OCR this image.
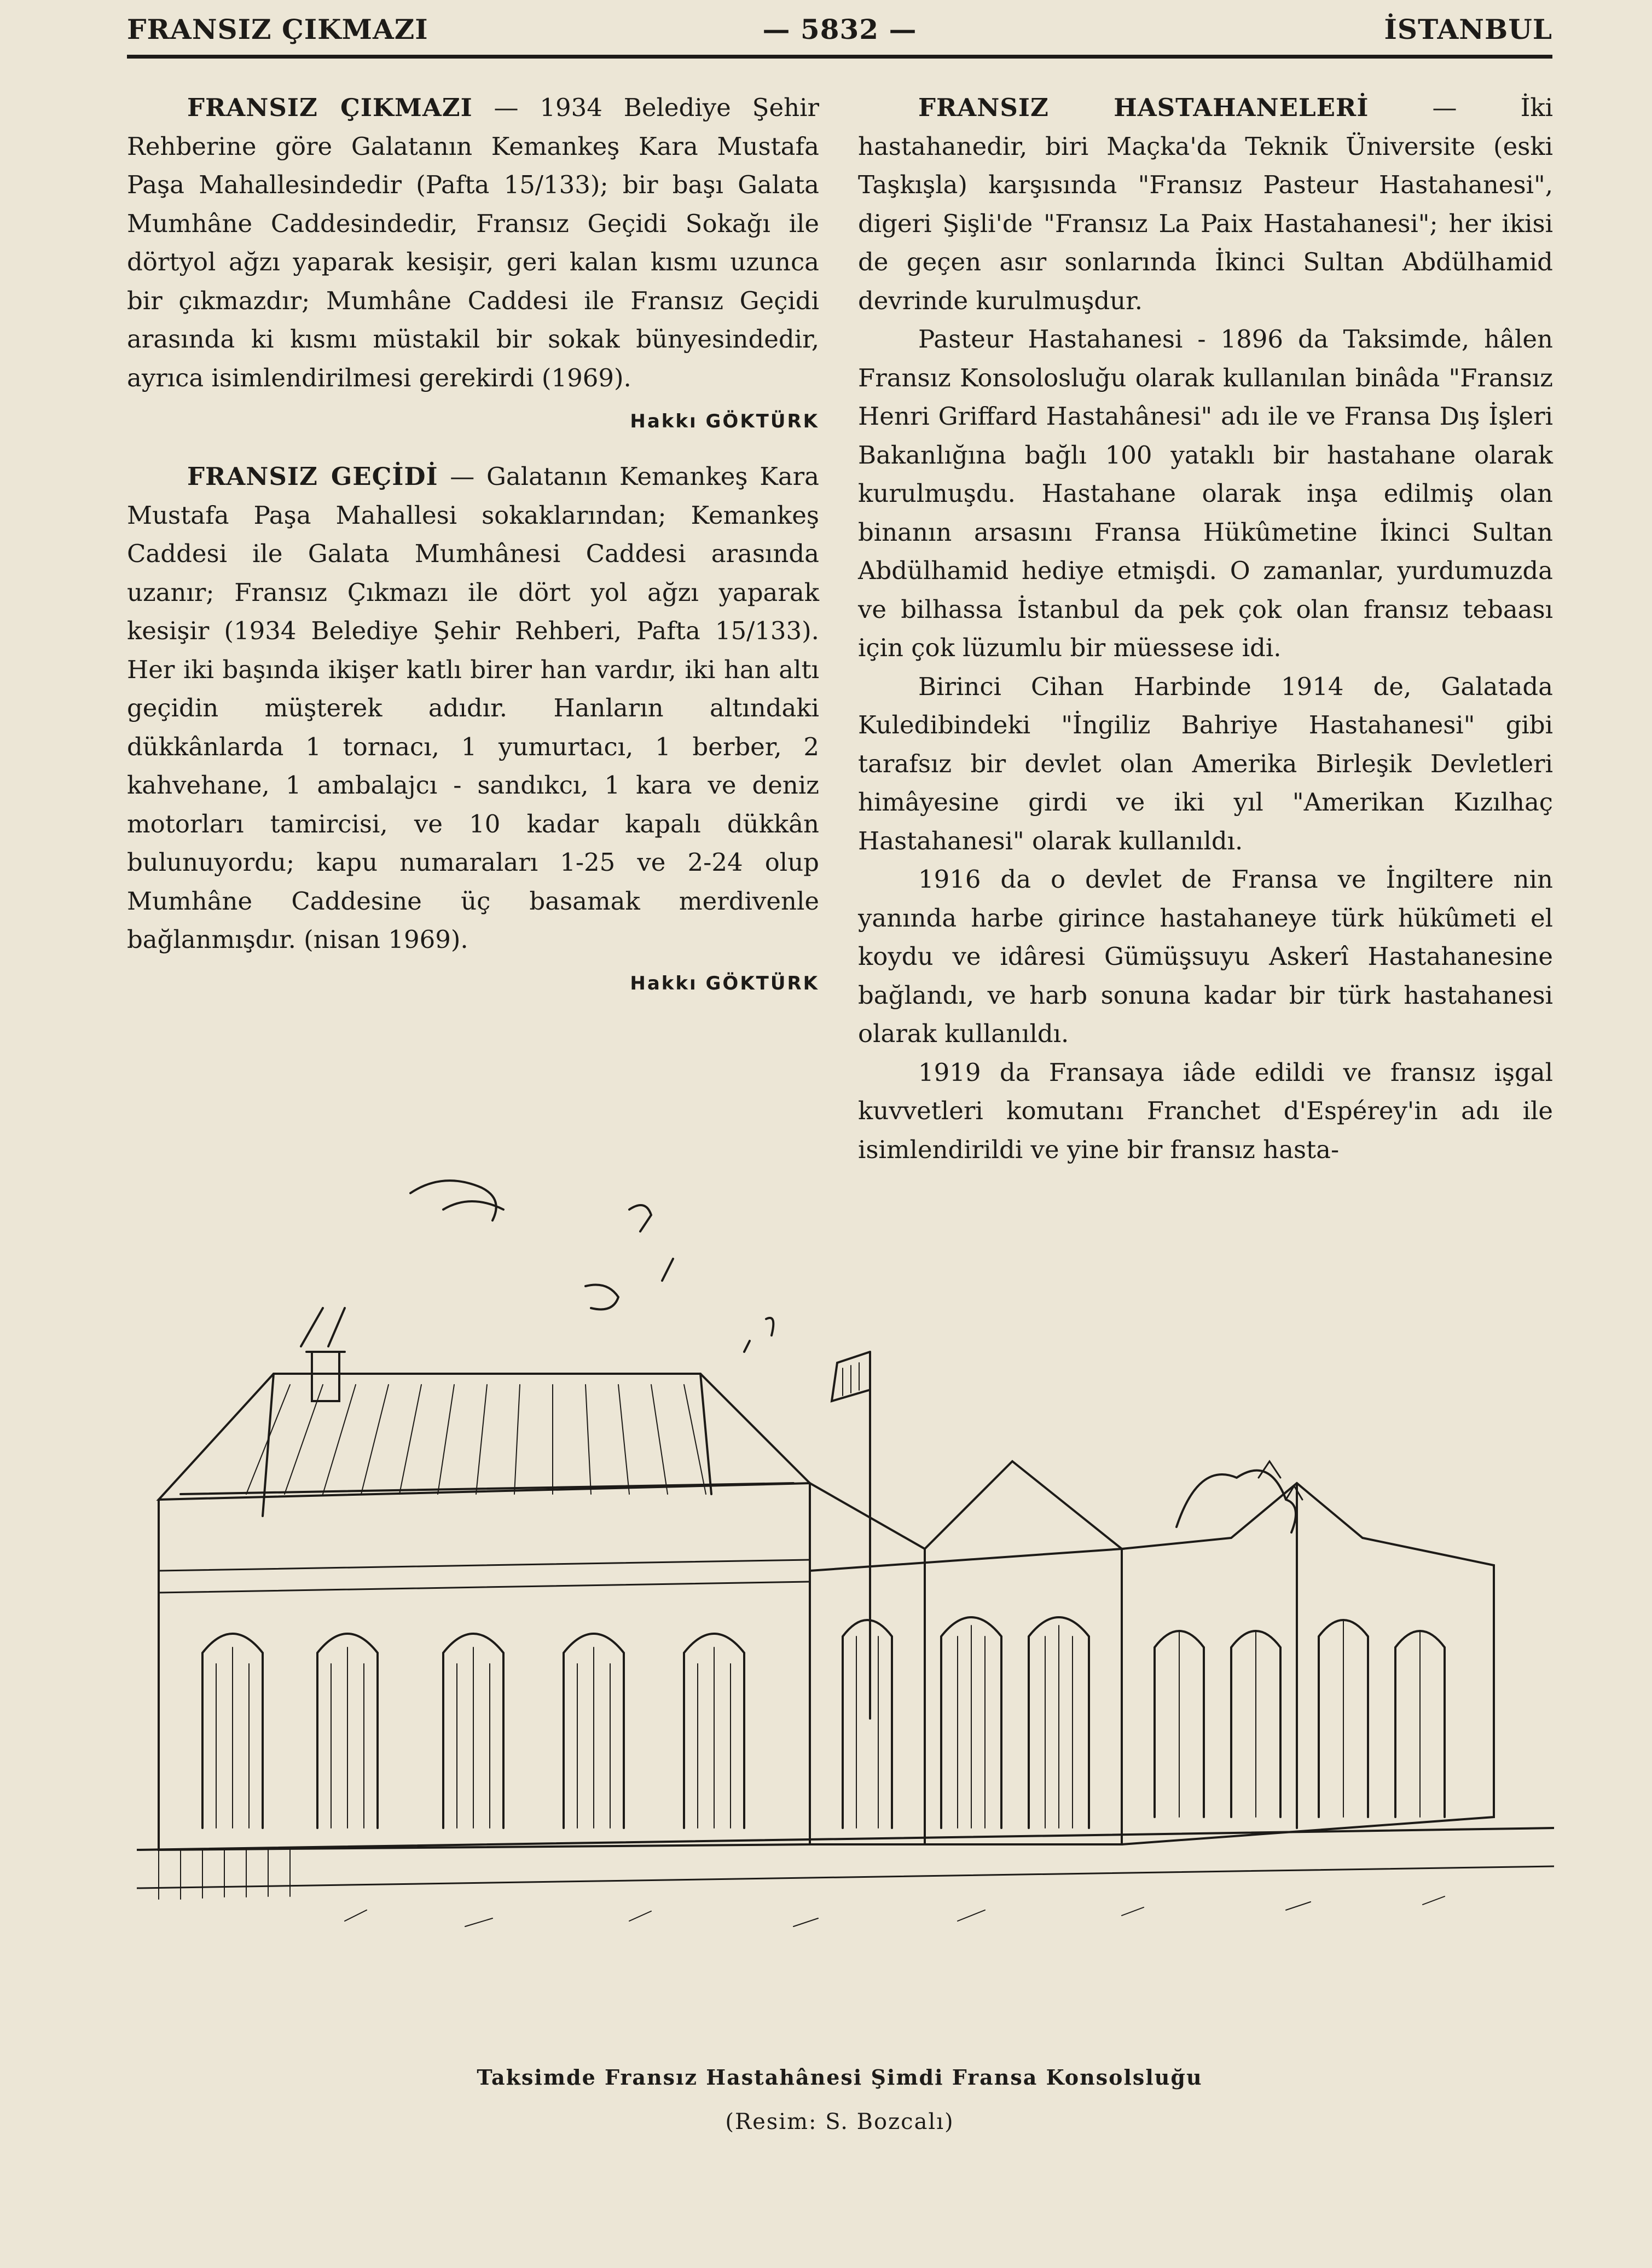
FRANSIZ ÇIKMAZI	— 5832 —	İSTANBUL

FRANSIZ ÇIKMAZI — 1934 Belediye Şehir Rehberine göre Galatanın Kemankeş Kara Mustafa Paşa Mahallesindedir (Pafta 15/133); bir başı Galata Mumhâne Caddesindedir, Fransız Geçidi Sokağı ile dörtyol ağzı yaparak kesişir, geri kalan kısmı uzunca bir çıkmazdır; Mumhâne Caddesi ile Fransız Geçidi arasında ki kısmı müstakil bir sokak bünyesindedir, ayrıca isimlendirilmesi gerekirdi (1969).

Hakkı GÖKTÜRK

FRANSIZ GEÇİDİ — Galatanın Kemankeş Kara Mustafa Paşa Mahallesi sokaklarından; Kemankeş Caddesi ile Galata Mumhânesi Caddesi arasında uzanır; Fransız Çıkmazı ile dört yol ağzı yaparak kesişir (1934 Belediye Şehir Rehberi, Pafta 15/133). Her iki başında ikişer katlı birer han vardır, iki han altı geçidin müşterek adıdır. Hanların altındaki dükkânlarda 1 tornacı, 1 yumurtacı, 1 berber, 2 kahvehane, 1 ambalajcı - sandıkcı, 1 kara ve deniz motorları tamircisi, ve 10 kadar kapalı dükkân bulunuyordu; kapu numaraları 1-25 ve 2-24 olup Mumhâne Caddesine üç basamak merdivenle bağlanmışdır. (nisan 1969).

Hakkı GÖKTÜRK

FRANSIZ HASTAHANELERİ — İki hastahanedir, biri Maçka'da Teknik Üniversite (eski Taşkışla) karşısında "Fransız Pasteur Hastahanesi", digeri Şişli'de "Fransız La Paix Hastahanesi"; her ikisi de geçen asır sonlarında İkinci Sultan Abdülhamid devrinde kurulmuşdur.

Pasteur Hastahanesi - 1896 da Taksimde, hâlen Fransız Konsolosluğu olarak kullanılan binâda "Fransız Henri Griffard Hastahânesi" adı ile ve Fransa Dış İşleri Bakanlığına bağlı 100 yataklı bir hastahane olarak kurulmuşdu. Hastahane olarak inşa edilmiş olan binanın arsasını Fransa Hükûmetine İkinci Sultan Abdülhamid hediye etmişdi. O zamanlar, yurdumuzda ve bilhassa İstanbul da pek çok olan fransız tebaası için çok lüzumlu bir müessese idi.

Birinci Cihan Harbinde 1914 de, Galatada Kuledibindeki "İngiliz Bahriye Hastahanesi" gibi tarafsız bir devlet olan Amerika Birleşik Devletleri himâyesine girdi ve iki yıl "Amerikan Kızılhaç Hastahanesi" olarak kullanıldı.

1916 da o devlet de Fransa ve İngiltere nin yanında harbe girince hastahaneye türk hükûmeti el koydu ve idâresi Gümüşsuyu Askerî Hastahanesine bağlandı, ve harb sonuna kadar bir türk hastahanesi olarak kullanıldı.

1919 da Fransaya iâde edildi ve fransız işgal kuvvetleri komutanı Franchet d'Espérey'in adı ile isimlendirildi ve yine bir fransız hasta-

Taksimde Fransız Hastahânesi Şimdi Fransa Konsolsluğu
(Resim: S. Bozcalı)
